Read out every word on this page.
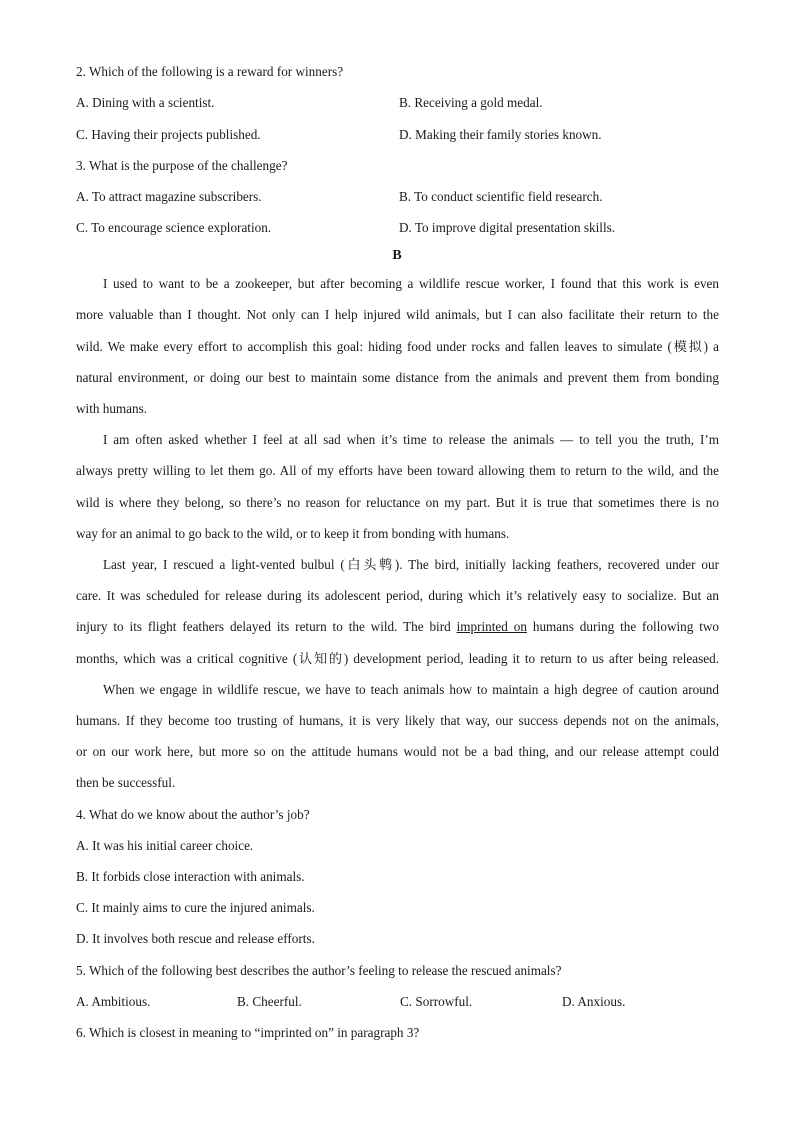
2. Which of the following is a reward for winners?
A. Dining with a scientist.	B. Receiving a gold medal.
C. Having their projects published.	D. Making their family stories known.
3. What is the purpose of the challenge?
A. To attract magazine subscribers.	B. To conduct scientific field research.
C. To encourage science exploration.	D. To improve digital presentation skills.
B
I used to want to be a zookeeper, but after becoming a wildlife rescue worker, I found that this work is even
more valuable than I thought. Not only can I help injured wild animals, but I can also facilitate their return to the
wild. We make every effort to accomplish this goal: hiding food under rocks and fallen leaves to simulate (模拟) a
natural environment, or doing our best to maintain some distance from the animals and prevent them from bonding
with humans.
I am often asked whether I feel at all sad when it’s time to release the animals — to tell you the truth, I’m
always pretty willing to let them go. All of my efforts have been toward allowing them to return to the wild, and the
wild is where they belong, so there’s no reason for reluctance on my part. But it is true that sometimes there is no
way for an animal to go back to the wild, or to keep it from bonding with humans.
Last year, I rescued a light-vented bulbul (白头鹎). The bird, initially lacking feathers, recovered under our
care. It was scheduled for release during its adolescent period, during which it’s relatively easy to socialize. But an
injury to its flight feathers delayed its return to the wild. The bird imprinted on humans during the following two
months, which was a critical cognitive (认知的) development period, leading it to return to us after being released.
When we engage in wildlife rescue, we have to teach animals how to maintain a high degree of caution around
humans. If they become too trusting of humans, it is very likely that way, our success depends not on the animals,
or on our work here, but more so on the attitude humans would not be a bad thing, and our release attempt could
then be successful.
4. What do we know about the author’s job?
A. It was his initial career choice.
B. It forbids close interaction with animals.
C. It mainly aims to cure the injured animals.
D. It involves both rescue and release efforts.
5. Which of the following best describes the author’s feeling to release the rescued animals?
A. Ambitious.	B. Cheerful.	C. Sorrowful.	D. Anxious.
6. Which is closest in meaning to “imprinted on” in paragraph 3?
